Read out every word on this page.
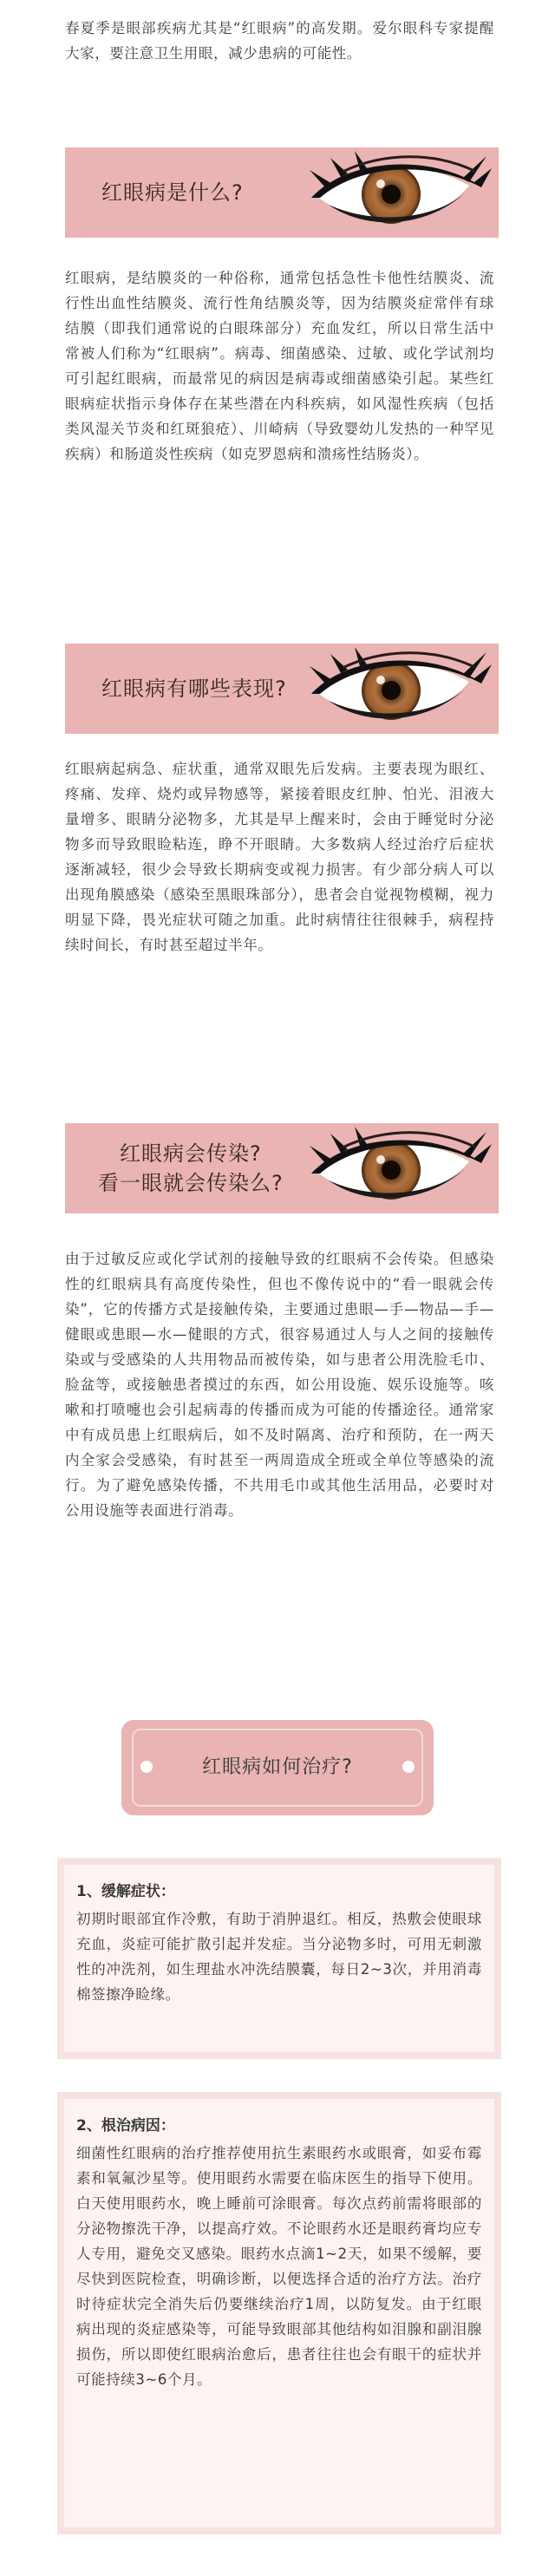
春夏季是眼部疾病尤其是“红眼病”的高发期。爱尔眼科专家提醒大家，要注意卫生用眼，减少患病的可能性。

红眼病是什么?

红眼病，是结膜炎的一种俗称，通常包括急性卡他性结膜炎、流行性出血性结膜炎、流行性角结膜炎等，因为结膜炎症常伴有球结膜（即我们通常说的白眼珠部分）充血发红，所以日常生活中常被人们称为“红眼病”。病毒、细菌感染、过敏、或化学试剂均可引起红眼病，而最常见的病因是病毒或细菌感染引起。某些红眼病症状指示身体存在某些潜在内科疾病，如风湿性疾病（包括类风湿关节炎和红斑狼疮）、川崎病（导致婴幼儿发热的一种罕见疾病）和肠道炎性疾病（如克罗恩病和溃疡性结肠炎）。

红眼病有哪些表现?

红眼病起病急、症状重，通常双眼先后发病。主要表现为眼红、疼痛、发痒、烧灼或异物感等，紧接着眼皮红肿、怕光、泪液大量增多、眼睛分泌物多，尤其是早上醒来时，会由于睡觉时分泌物多而导致眼睑粘连，睁不开眼睛。大多数病人经过治疗后症状逐渐减轻，很少会导致长期病变或视力损害。有少部分病人可以出现角膜感染（感染至黑眼珠部分），患者会自觉视物模糊，视力明显下降，畏光症状可随之加重。此时病情往往很棘手，病程持续时间长，有时甚至超过半年。

红眼病会传染?
看一眼就会传染么?

由于过敏反应或化学试剂的接触导致的红眼病不会传染。但感染性的红眼病具有高度传染性，但也不像传说中的“看一眼就会传染”，它的传播方式是接触传染，主要通过患眼—手—物品—手—健眼或患眼—水—健眼的方式，很容易通过人与人之间的接触传染或与受感染的人共用物品而被传染，如与患者公用洗脸毛巾、脸盆等，或接触患者摸过的东西，如公用设施、娱乐设施等。咳嗽和打喷嚏也会引起病毒的传播而成为可能的传播途径。通常家中有成员患上红眼病后，如不及时隔离、治疗和预防，在一两天内全家会受感染，有时甚至一两周造成全班或全单位等感染的流行。为了避免感染传播，不共用毛巾或其他生活用品，必要时对公用设施等表面进行消毒。

红眼病如何治疗?
1、缓解症状：

初期时眼部宜作冷敷，有助于消肿退红。相反，热敷会使眼球充血，炎症可能扩散引起并发症。当分泌物多时，可用无刺激性的冲洗剂，如生理盐水冲洗结膜囊，每日2~3次，并用消毒棉签擦净睑缘。

2、根治病因：

细菌性红眼病的治疗推荐使用抗生素眼药水或眼膏，如妥布霉素和氧氟沙星等。使用眼药水需要在临床医生的指导下使用。白天使用眼药水，晚上睡前可涂眼膏。每次点药前需将眼部的分泌物擦洗干净，以提高疗效。不论眼药水还是眼药膏均应专人专用，避免交叉感染。眼药水点滴1~2天，如果不缓解，要尽快到医院检查，明确诊断，以便选择合适的治疗方法。治疗时待症状完全消失后仍要继续治疗1周，以防复发。由于红眼病出现的炎症感染等，可能导致眼部其他结构如泪腺和副泪腺损伤，所以即使红眼病治愈后，患者往往也会有眼干的症状并可能持续3~6个月。
